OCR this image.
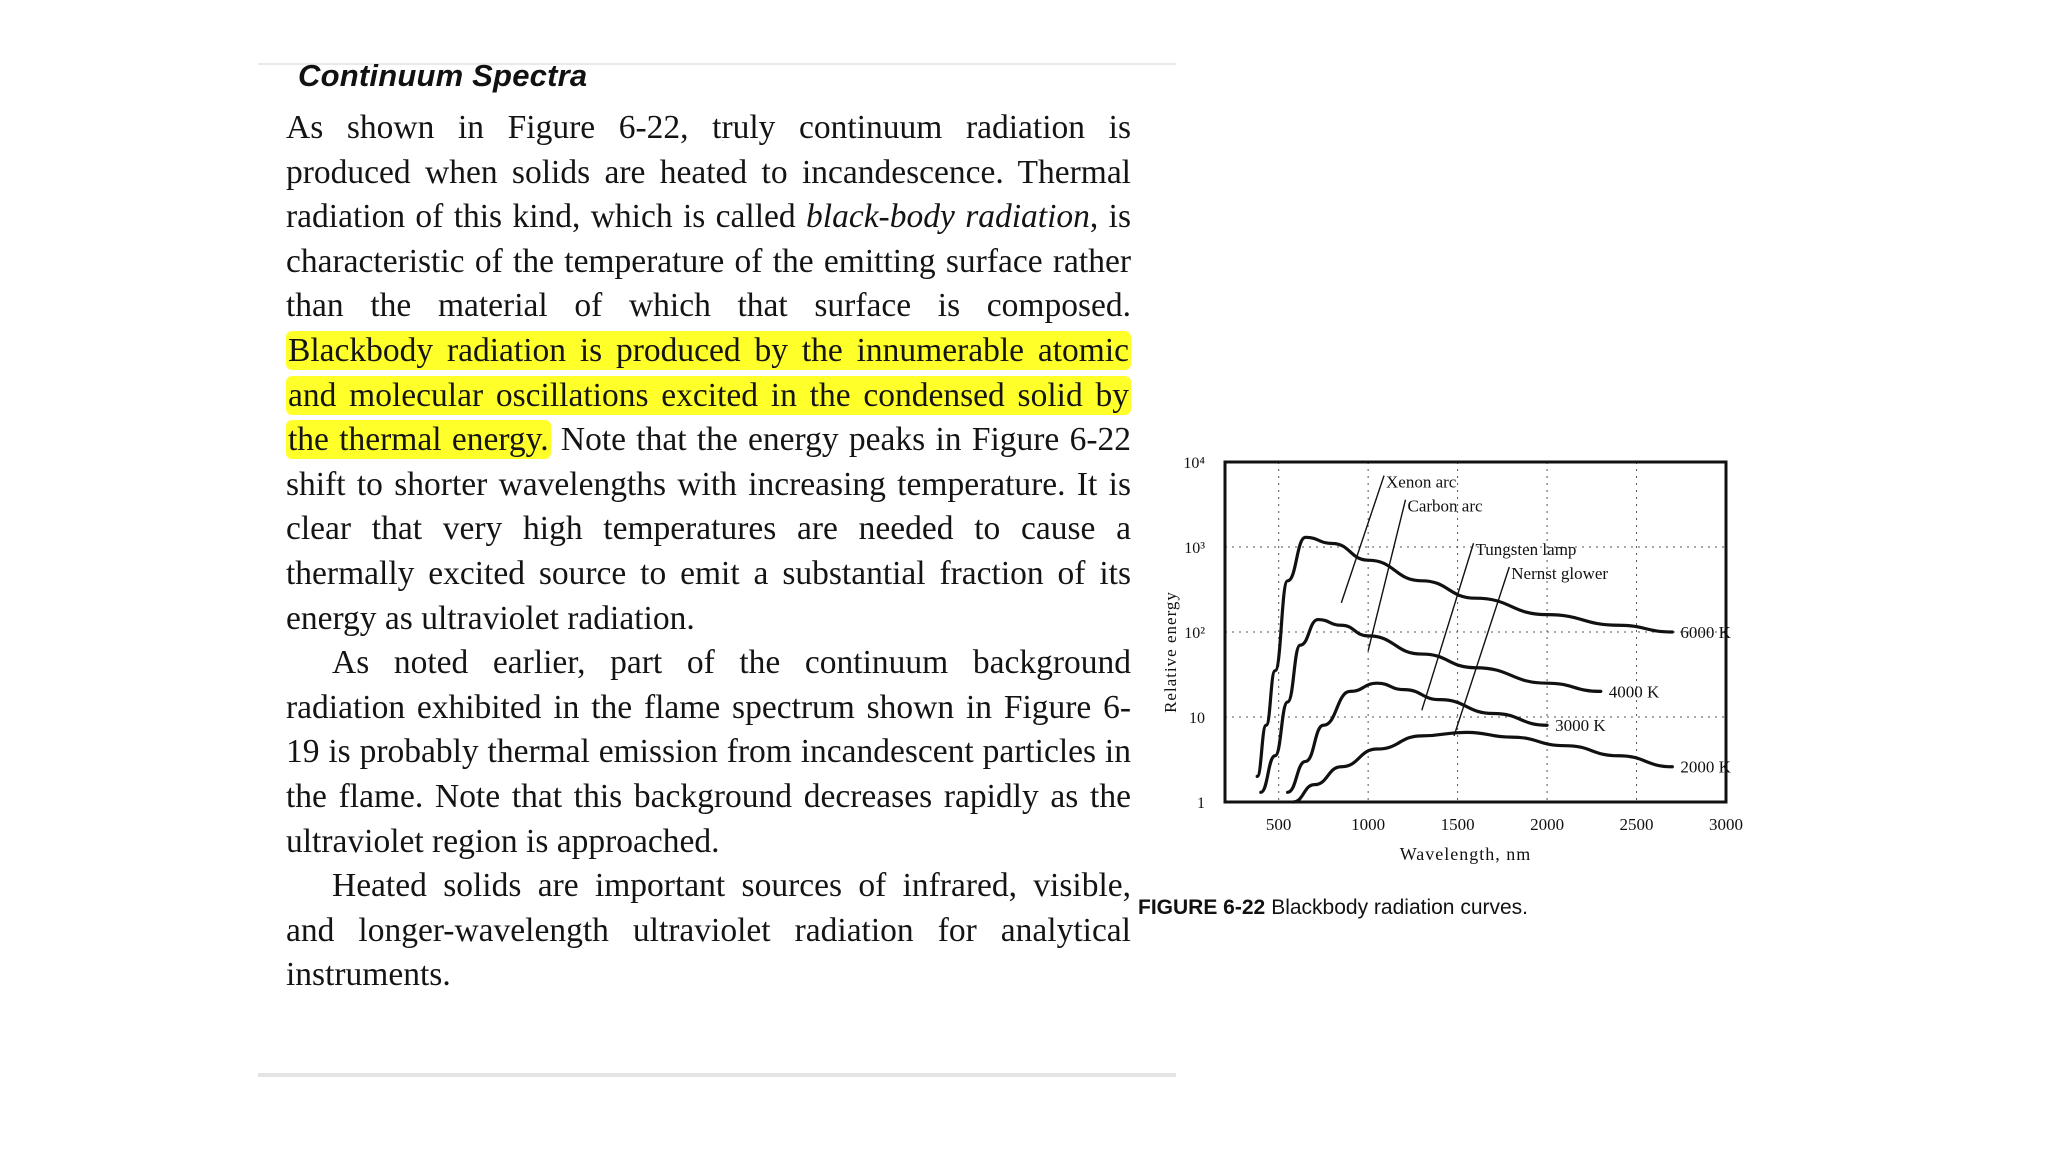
Continuum Spectra

As shown in Figure 6-22, truly continuum radiation is produced when solids are heated to incandescence. Thermal radiation of this kind, which is called black-body radiation, is characteristic of the temperature of the emitting surface rather than the material of which that surface is composed. Blackbody radiation is produced by the innumerable atomic and molecular oscillations excited in the condensed solid by the thermal energy. Note that the energy peaks in Figure 6-22 shift to shorter wavelengths with increasing temperature. It is clear that very high temperatures are needed to cause a thermally excited source to emit a substantial fraction of its energy as ultraviolet radiation.

As noted earlier, part of the continuum background radiation exhibited in the flame spectrum shown in Figure 6-19 is probably thermal emission from incandescent particles in the flame. Note that this background decreases rapidly as the ultraviolet region is approached.

Heated solids are important sources of infrared, visible, and longer-wavelength ultraviolet radiation for analytical instruments.

1
10
10²
10³
10⁴
500	1000	1500	2000	2500	3000
6000 K
4000 K
3000 K
2000 K
Xenon arc
Carbon arc
Tungsten lamp
Nernst glower
Relative energy
Wavelength, nm
FIGURE 6-22 Blackbody radiation curves.
